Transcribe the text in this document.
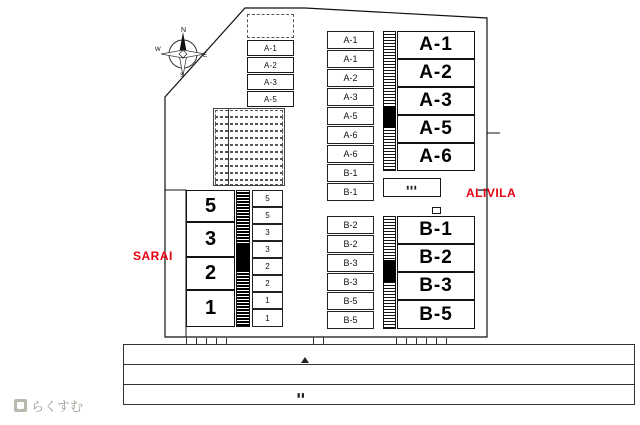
N
E
S
W	A-1
A-2
A-3
A-5
A-1
A-1
A-2
A-3
A-5
A-6
A-6
B-1
B-1
B-2
B-2
B-3
B-3
B-5
B-5
A-1
A-2
A-3
A-5
A-6
▮▮▮
B-1
B-2
B-3
B-5
5
3
2
1
5
5
3
3
2
2
1
1
SARAI
ALIVILA
▮▮
らくすむ
